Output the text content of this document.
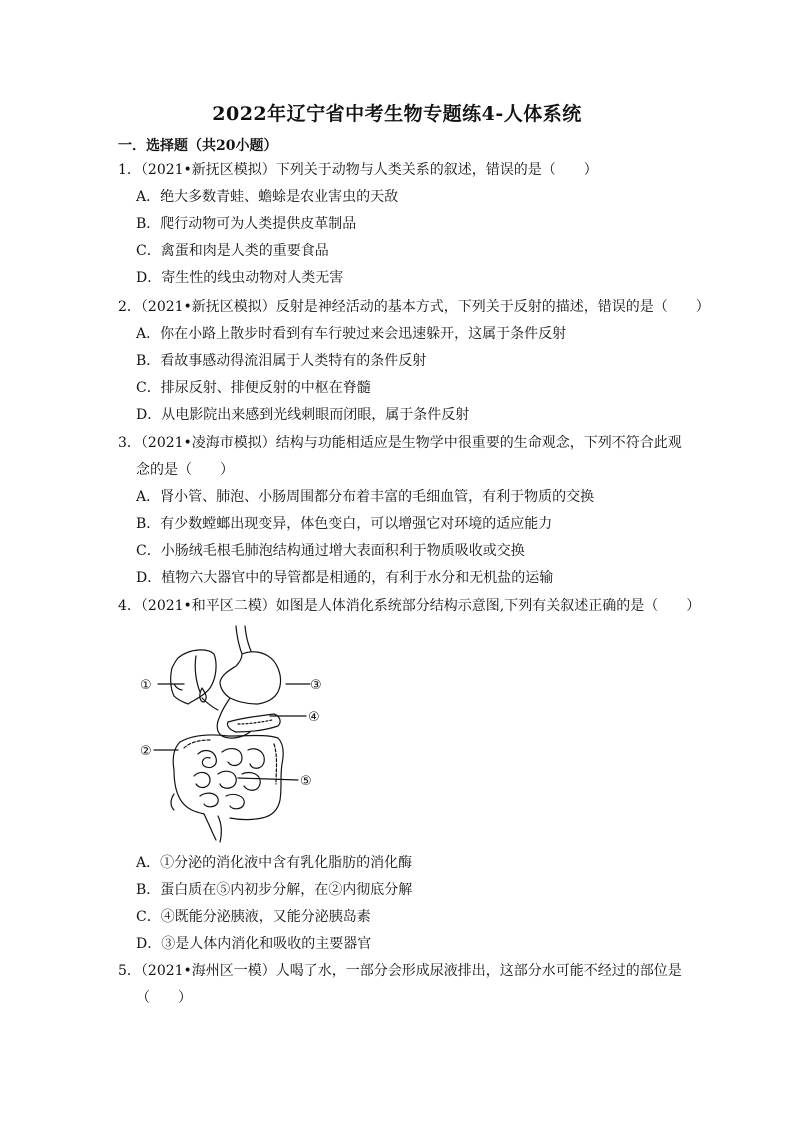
2022年辽宁省中考生物专题练4-人体系统
一．选择题（共20小题）
1．（2021•新抚区模拟）下列关于动物与人类关系的叙述，错误的是（　　）
A．绝大多数青蛙、蟾蜍是农业害虫的天敌
B．爬行动物可为人类提供皮革制品
C．禽蛋和肉是人类的重要食品
D．寄生性的线虫动物对人类无害
2．（2021•新抚区模拟）反射是神经活动的基本方式，下列关于反射的描述，错误的是（　　）
A．你在小路上散步时看到有车行驶过来会迅速躲开，这属于条件反射
B．看故事感动得流泪属于人类特有的条件反射
C．排尿反射、排便反射的中枢在脊髓
D．从电影院出来感到光线刺眼而闭眼，属于条件反射
3．（2021•凌海市模拟）结构与功能相适应是生物学中很重要的生命观念，下列不符合此观
念的是（　　）
A．肾小管、肺泡、小肠周围都分布着丰富的毛细血管，有利于物质的交换
B．有少数螳螂出现变异，体色变白，可以增强它对环境的适应能力
C．小肠绒毛根毛肺泡结构通过增大表面积利于物质吸收或交换
D．植物六大器官中的导管都是相通的，有利于水分和无机盐的运输
4．（2021•和平区二模）如图是人体消化系统部分结构示意图,下列有关叙述正确的是（　　）
①
②
③
④
⑤
A．①分泌的消化液中含有乳化脂肪的消化酶
B．蛋白质在⑤内初步分解，在②内彻底分解
C．④既能分泌胰液，又能分泌胰岛素
D．③是人体内消化和吸收的主要器官
5．（2021•海州区一模）人喝了水，一部分会形成尿液排出，这部分水可能不经过的部位是
（　　）
